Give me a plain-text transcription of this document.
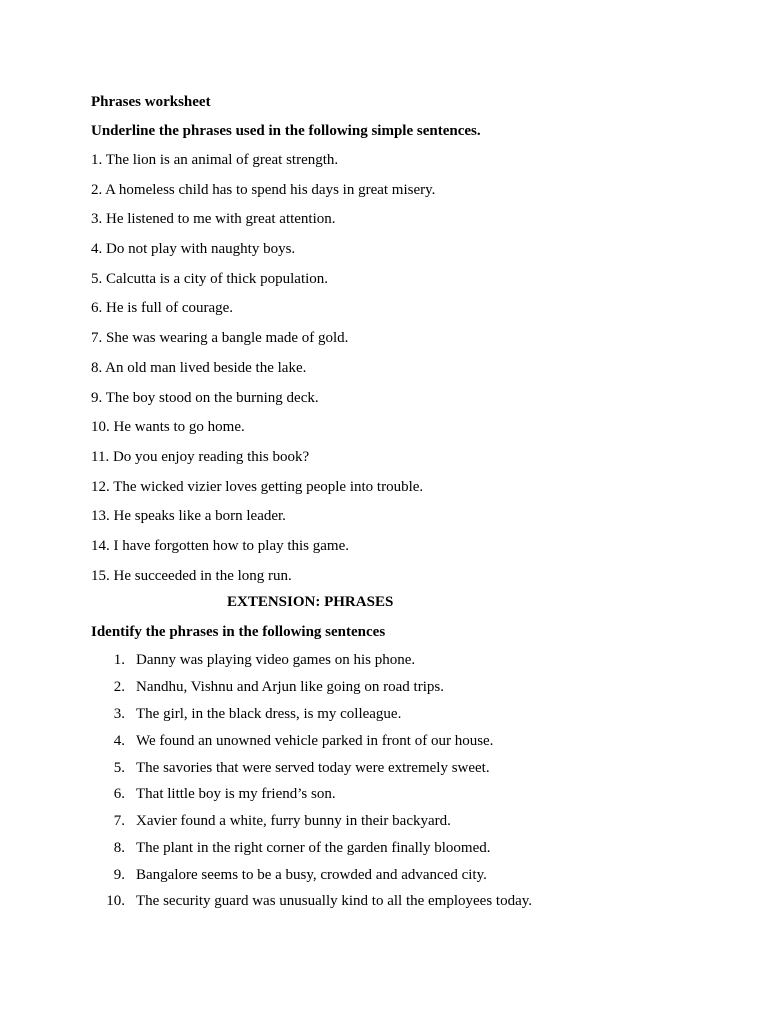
Phrases worksheet
Underline the phrases used in the following simple sentences.
1. The lion is an animal of great strength.
2. A homeless child has to spend his days in great misery.
3. He listened to me with great attention.
4. Do not play with naughty boys.
5. Calcutta is a city of thick population.
6. He is full of courage.
7. She was wearing a bangle made of gold.
8. An old man lived beside the lake.
9. The boy stood on the burning deck.
10. He wants to go home.
11. Do you enjoy reading this book?
12. The wicked vizier loves getting people into trouble.
13. He speaks like a born leader.
14. I have forgotten how to play this game.
15. He succeeded in the long run.
EXTENSION: PHRASES
Identify the phrases in the following sentences
1. Danny was playing video games on his phone.
2. Nandhu, Vishnu and Arjun like going on road trips.
3. The girl, in the black dress, is my colleague.
4. We found an unowned vehicle parked in front of our house.
5. The savories that were served today were extremely sweet.
6. That little boy is my friend’s son.
7. Xavier found a white, furry bunny in their backyard.
8. The plant in the right corner of the garden finally bloomed.
9. Bangalore seems to be a busy, crowded and advanced city.
10. The security guard was unusually kind to all the employees today.
